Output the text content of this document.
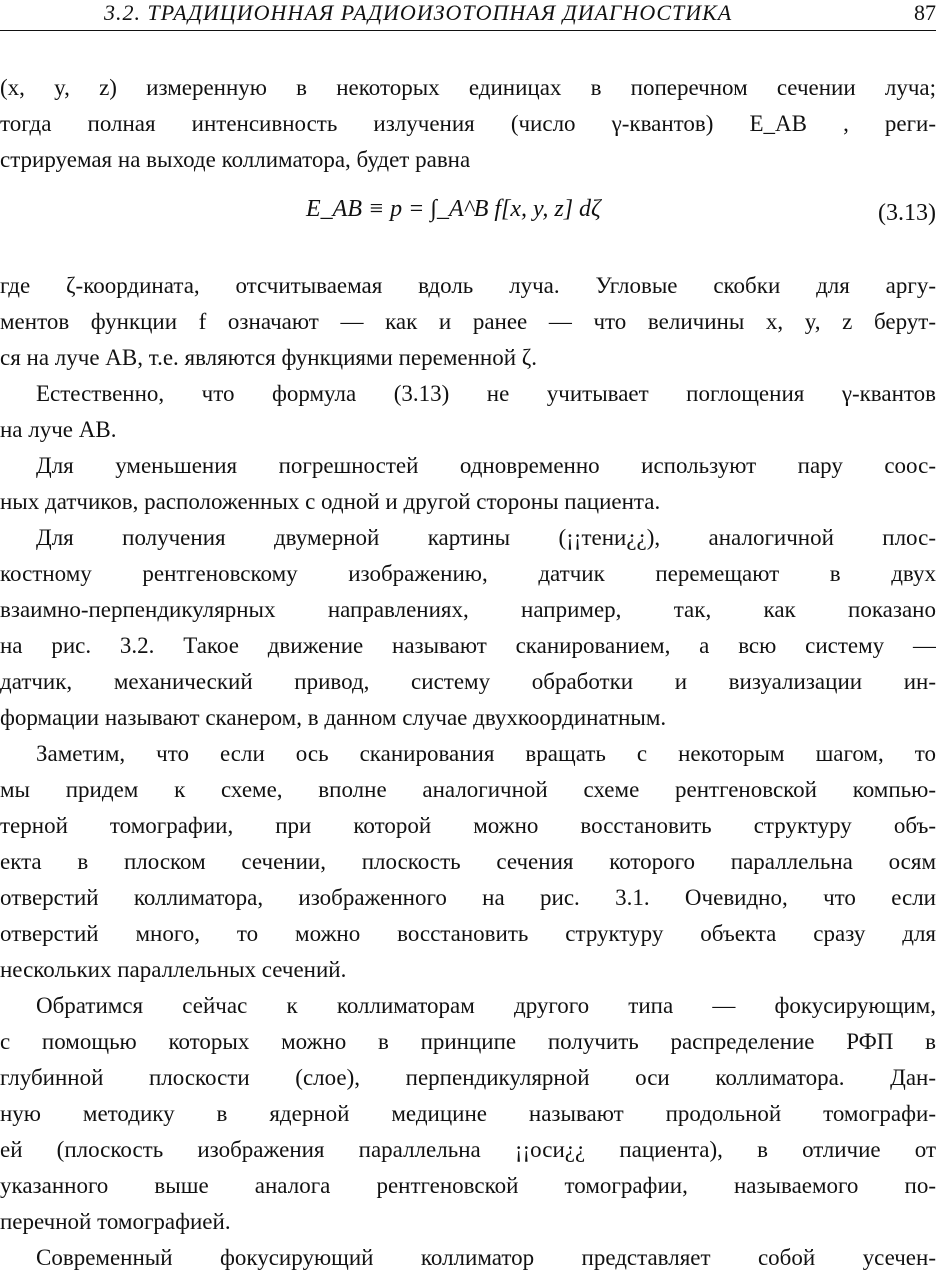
3.2. ТРАДИЦИОННАЯ РАДИОИЗОТОПНАЯ ДИАГНОСТИКА	87
(x, y, z) измеренную в некоторых единицах в поперечном сечении луча;
тогда полная интенсивность излучения (число γ-квантов) E_AB , реги-
стрируемая на выходе коллиматора, будет равна
E_AB ≡ p = ∫_A^B f[x, y, z] dζ	(3.13)
где ζ-координата, отсчитываемая вдоль луча. Угловые скобки для аргу-
ментов функции f означают — как и ранее — что величины x, y, z берут-
ся на луче AB, т.е. являются функциями переменной ζ.
Естественно, что формула (3.13) не учитывает поглощения γ-квантов
на луче AB.
Для уменьшения погрешностей одновременно используют пару соос-
ных датчиков, расположенных с одной и другой стороны пациента.
Для получения двумерной картины (¡¡тени¿¿), аналогичной плос-
костному рентгеновскому изображению, датчик перемещают в двух
взаимно-перпендикулярных направлениях, например, так, как показано
на рис. 3.2. Такое движение называют сканированием, а всю систему —
датчик, механический привод, систему обработки и визуализации ин-
формации называют сканером, в данном случае двухкоординатным.
Заметим, что если ось сканирования вращать с некоторым шагом, то
мы придем к схеме, вполне аналогичной схеме рентгеновской компью-
терной томографии, при которой можно восстановить структуру объ-
екта в плоском сечении, плоскость сечения которого параллельна осям
отверстий коллиматора, изображенного на рис. 3.1. Очевидно, что если
отверстий много, то можно восстановить структуру объекта сразу для
нескольких параллельных сечений.
Обратимся сейчас к коллиматорам другого типа — фокусирующим,
с помощью которых можно в принципе получить распределение РФП в
глубинной плоскости (слое), перпендикулярной оси коллиматора. Дан-
ную методику в ядерной медицине называют продольной томографи-
ей (плоскость изображения параллельна ¡¡оси¿¿ пациента), в отличие от
указанного выше аналога рентгеновской томографии, называемого по-
перечной томографией.
Современный фокусирующий коллиматор представляет собой усечен-
